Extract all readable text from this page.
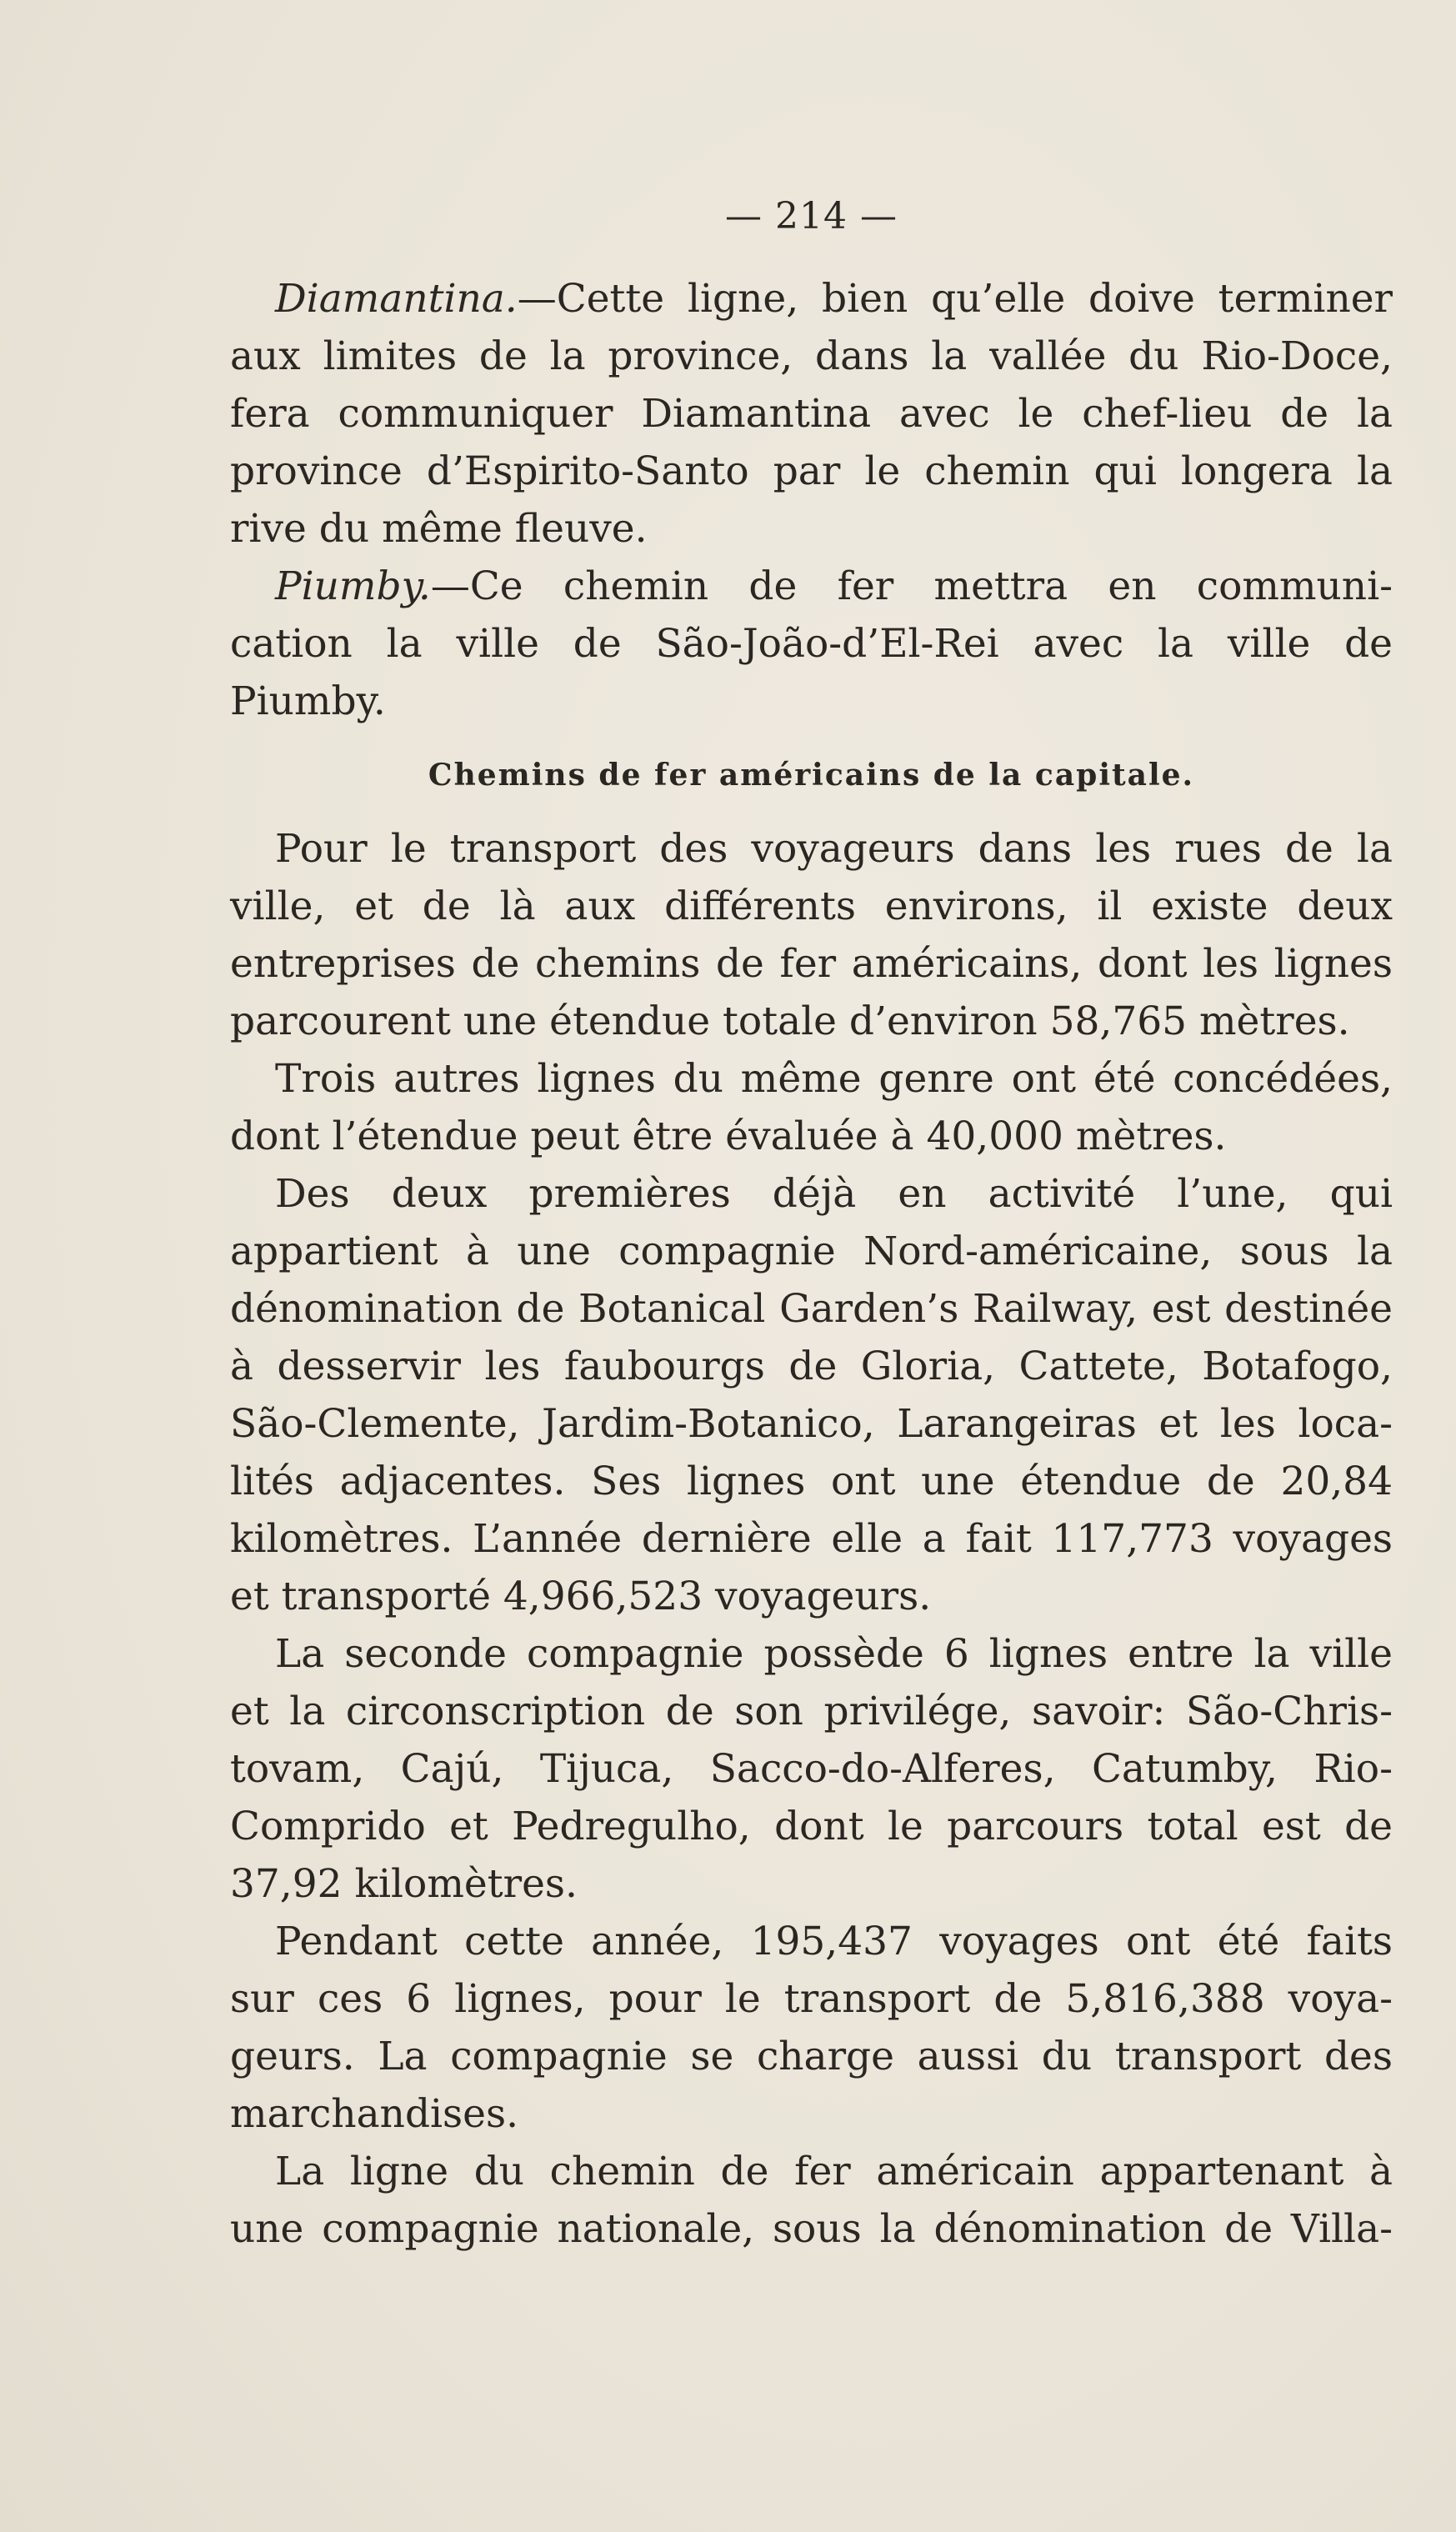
— 214 —
Diamantina.—Cette ligne, bien qu’elle doive terminer
aux limites de la province, dans la vallée du Rio-Doce,
fera communiquer Diamantina avec le chef-lieu de la
province d’Espirito-Santo par le chemin qui longera la
rive du même fleuve.
Piumby.—Ce chemin de fer mettra en communi-
cation la ville de São-João-d’El-Rei avec la ville de
Piumby.
Chemins de fer américains de la capitale.
Pour le transport des voyageurs dans les rues de la
ville, et de là aux différents environs, il existe deux
entreprises de chemins de fer américains, dont les lignes
parcourent une étendue totale d’environ 58,765 mètres.
Trois autres lignes du même genre ont été concédées,
dont l’étendue peut être évaluée à 40,000 mètres.
Des deux premières déjà en activité l’une, qui
appartient à une compagnie Nord-américaine, sous la
dénomination de Botanical Garden’s Railway, est destinée
à desservir les faubourgs de Gloria, Cattete, Botafogo,
São-Clemente, Jardim-Botanico, Larangeiras et les loca-
lités adjacentes. Ses lignes ont une étendue de 20,84
kilomètres. L’année dernière elle a fait 117,773 voyages
et transporté 4,966,523 voyageurs.
La seconde compagnie possède 6 lignes entre la ville
et la circonscription de son privilége, savoir: São-Chris-
tovam, Cajú, Tijuca, Sacco-do-Alferes, Catumby, Rio-
Comprido et Pedregulho, dont le parcours total est de
37,92 kilomètres.
Pendant cette année, 195,437 voyages ont été faits
sur ces 6 lignes, pour le transport de 5,816,388 voya-
geurs. La compagnie se charge aussi du transport des
marchandises.
La ligne du chemin de fer américain appartenant à
une compagnie nationale, sous la dénomination de Villa-
